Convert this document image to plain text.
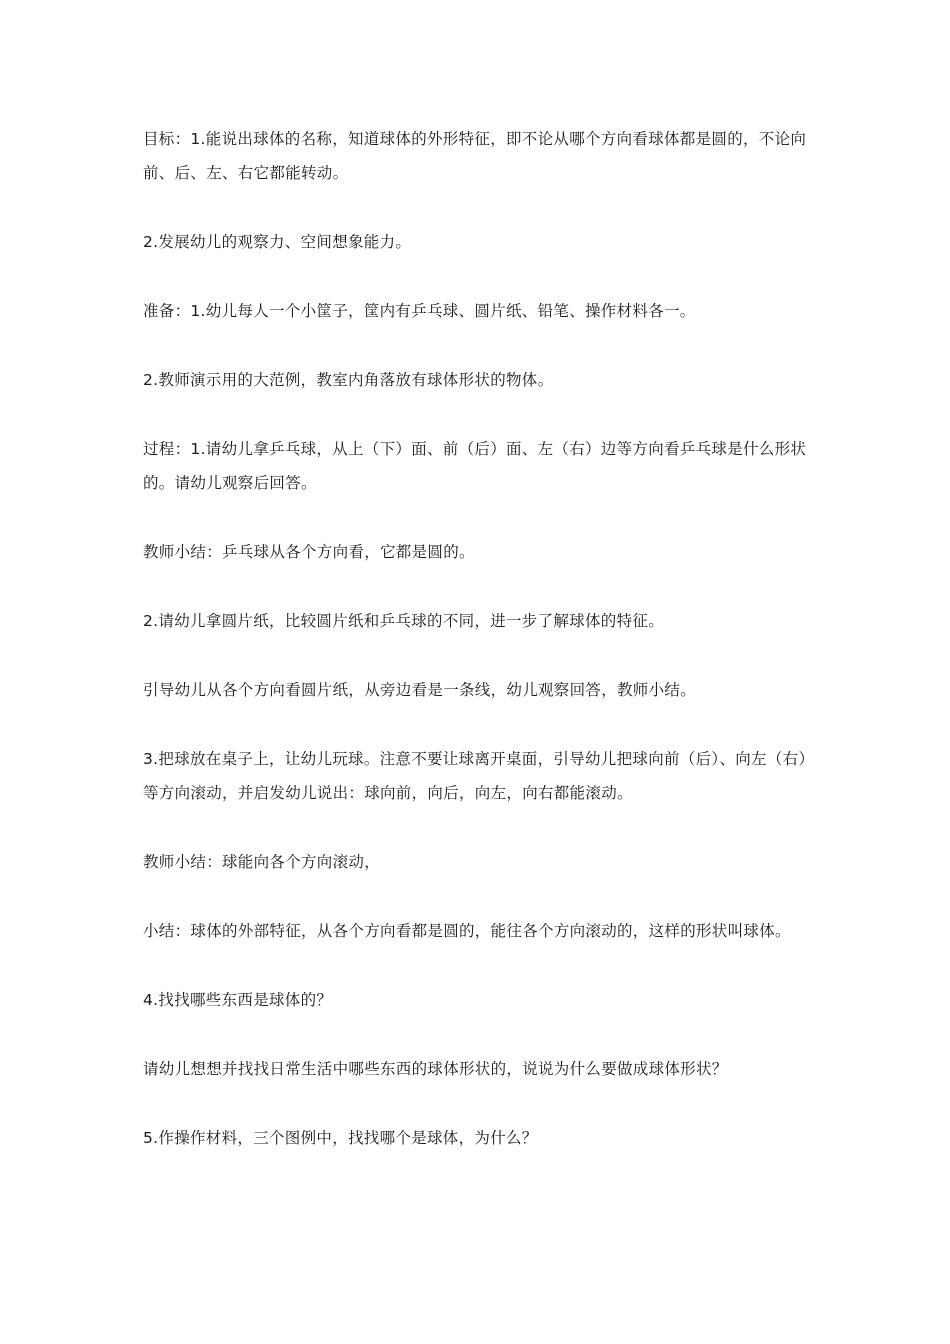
目标：1.能说出球体的名称，知道球体的外形特征，即不论从哪个方向看球体都是圆的，不论向前、后、左、右它都能转动。

2.发展幼儿的观察力、空间想象能力。

准备：1.幼儿每人一个小筐子，筐内有乒乓球、圆片纸、铅笔、操作材料各一。

2.教师演示用的大范例，教室内角落放有球体形状的物体。

过程：1.请幼儿拿乒乓球，从上（下）面、前（后）面、左（右）边等方向看乒乓球是什么形状的。请幼儿观察后回答。

教师小结：乒乓球从各个方向看，它都是圆的。

2.请幼儿拿圆片纸，比较圆片纸和乒乓球的不同，进一步了解球体的特征。

引导幼儿从各个方向看圆片纸，从旁边看是一条线，幼儿观察回答，教师小结。

3.把球放在桌子上，让幼儿玩球。注意不要让球离开桌面，引导幼儿把球向前（后）、向左（右）等方向滚动，并启发幼儿说出：球向前，向后，向左，向右都能滚动。

教师小结：球能向各个方向滚动，

小结：球体的外部特征，从各个方向看都是圆的，能往各个方向滚动的，这样的形状叫球体。

4.找找哪些东西是球体的？

请幼儿想想并找找日常生活中哪些东西的球体形状的，说说为什么要做成球体形状？

5.作操作材料，三个图例中，找找哪个是球体，为什么？
